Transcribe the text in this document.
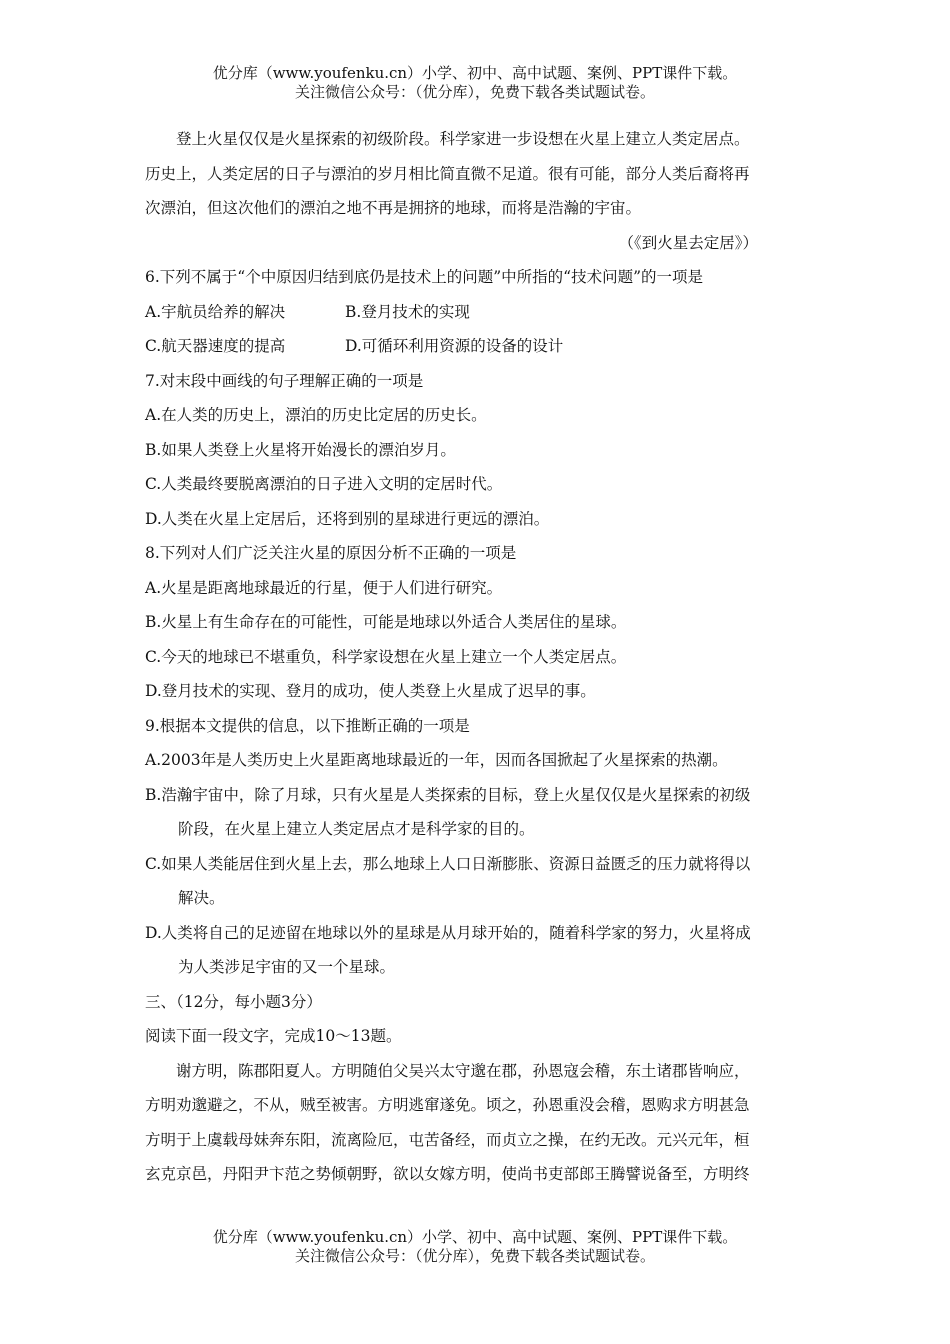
优分库（www.youfenku.cn）小学、初中、高中试题、案例、PPT课件下载。
关注微信公众号：（优分库），免费下载各类试题试卷。
登上火星仅仅是火星探索的初级阶段。科学家进一步设想在火星上建立人类定居点。
历史上，人类定居的日子与漂泊的岁月相比简直微不足道。很有可能，部分人类后裔将再
次漂泊，但这次他们的漂泊之地不再是拥挤的地球，而将是浩瀚的宇宙。
（《到火星去定居》）
6.下列不属于“个中原因归结到底仍是技术上的问题”中所指的“技术问题”的一项是
A.宇航员给养的解决	B.登月技术的实现
C.航天器速度的提高	D.可循环利用资源的设备的设计
7.对末段中画线的句子理解正确的一项是
A.在人类的历史上，漂泊的历史比定居的历史长。
B.如果人类登上火星将开始漫长的漂泊岁月。
C.人类最终要脱离漂泊的日子进入文明的定居时代。
D.人类在火星上定居后，还将到别的星球进行更远的漂泊。
8.下列对人们广泛关注火星的原因分析不正确的一项是
A.火星是距离地球最近的行星，便于人们进行研究。
B.火星上有生命存在的可能性，可能是地球以外适合人类居住的星球。
C.今天的地球已不堪重负，科学家设想在火星上建立一个人类定居点。
D.登月技术的实现、登月的成功，使人类登上火星成了迟早的事。
9.根据本文提供的信息，以下推断正确的一项是
A.2003年是人类历史上火星距离地球最近的一年，因而各国掀起了火星探索的热潮。
B.浩瀚宇宙中，除了月球，只有火星是人类探索的目标，登上火星仅仅是火星探索的初级
阶段，在火星上建立人类定居点才是科学家的目的。
C.如果人类能居住到火星上去，那么地球上人口日渐膨胀、资源日益匮乏的压力就将得以
解决。
D.人类将自己的足迹留在地球以外的星球是从月球开始的，随着科学家的努力，火星将成
为人类涉足宇宙的又一个星球。
三、（12分，每小题3分）
阅读下面一段文字，完成10～13题。
谢方明，陈郡阳夏人。方明随伯父吴兴太守邈在郡，孙恩寇会稽，东土诸郡皆响应，
方明劝邈避之，不从，贼至被害。方明逃窜遂免。顷之，孙恩重没会稽，恩购求方明甚急
方明于上虞载母妹奔东阳，流离险厄，屯苦备经，而贞立之操，在约无改。元兴元年，桓
玄克京邑，丹阳尹卞范之势倾朝野，欲以女嫁方明，使尚书吏部郎王腾譬说备至，方明终
优分库（www.youfenku.cn）小学、初中、高中试题、案例、PPT课件下载。
关注微信公众号：（优分库），免费下载各类试题试卷。
